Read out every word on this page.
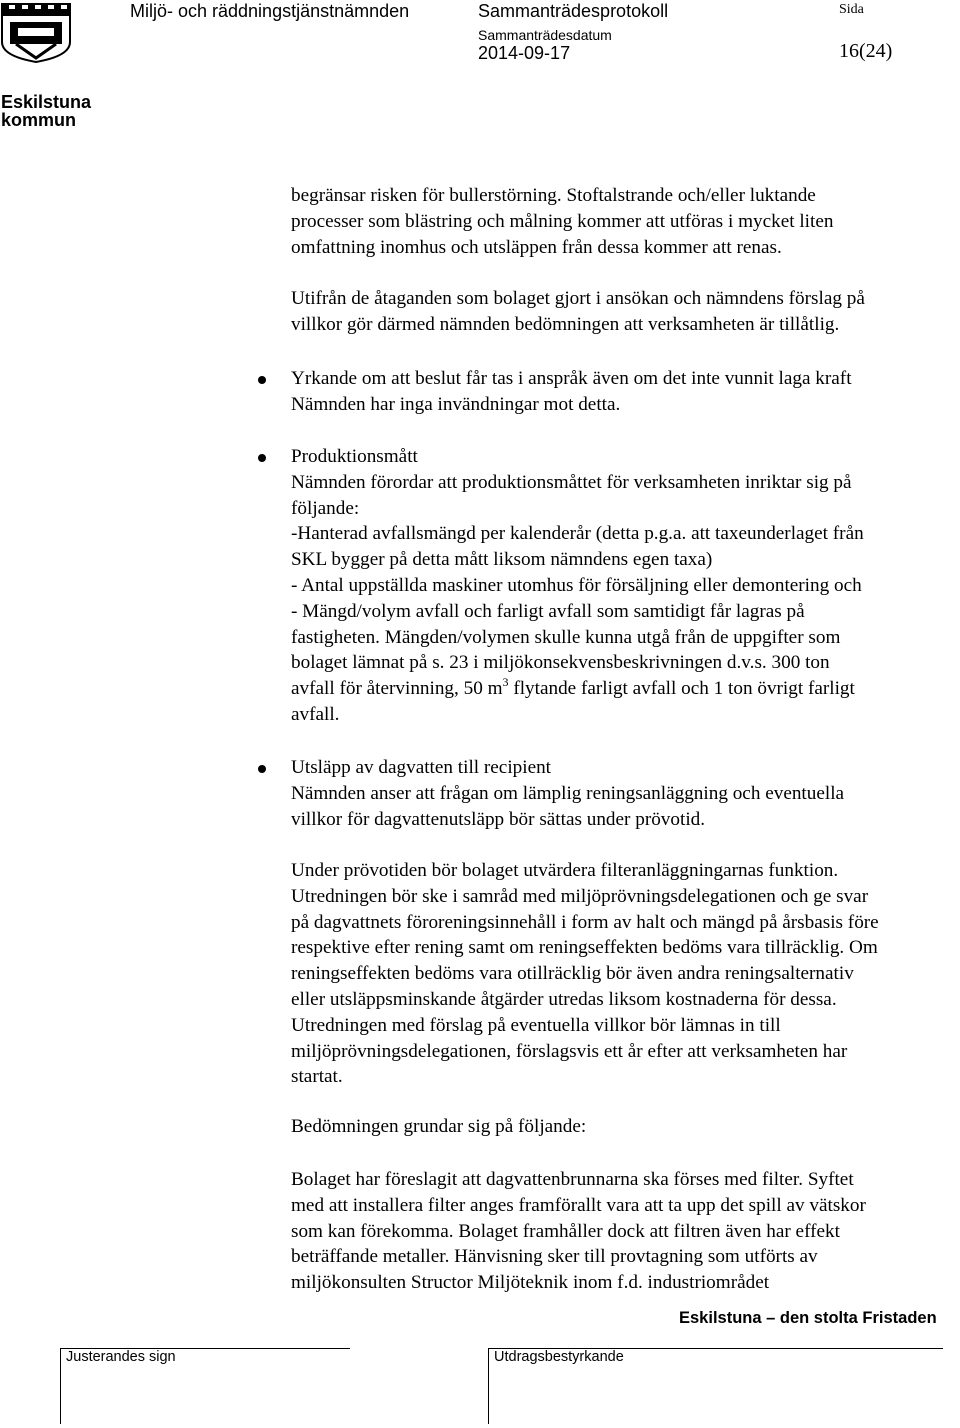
Eskilstuna
kommun
Miljö- och räddningstjänstnämnden	Sammanträdesprotokoll	Sida
Sammanträdesdatum
2014-09-17	16(24)
begränsar risken för bullerstörning. Stoftalstrande och/eller luktande
processer som blästring och målning kommer att utföras i mycket liten
omfattning inomhus och utsläppen från dessa kommer att renas.
Utifrån de åtaganden som bolaget gjort i ansökan och nämndens förslag på
villkor gör därmed nämnden bedömningen att verksamheten är tillåtlig.
Yrkande om att beslut får tas i anspråk även om det inte vunnit laga kraft
Nämnden har inga invändningar mot detta.
Produktionsmått
Nämnden förordar att produktionsmåttet för verksamheten inriktar sig på
följande:
-Hanterad avfallsmängd per kalenderår (detta p.g.a. att taxeunderlaget från
SKL bygger på detta mått liksom nämndens egen taxa)
- Antal uppställda maskiner utomhus för försäljning eller demontering och
- Mängd/volym avfall och farligt avfall som samtidigt får lagras på
fastigheten. Mängden/volymen skulle kunna utgå från de uppgifter som
bolaget lämnat på s. 23 i miljökonsekvensbeskrivningen d.v.s. 300 ton
avfall för återvinning, 50 $m^3$ flytande farligt avfall och 1 ton övrigt farligt
avfall.
Utsläpp av dagvatten till recipient
Nämnden anser att frågan om lämplig reningsanläggning och eventuella
villkor för dagvattenutsläpp bör sättas under prövotid.
Under prövotiden bör bolaget utvärdera filteranläggningarnas funktion.
Utredningen bör ske i samråd med miljöprövningsdelegationen och ge svar
på dagvattnets föroreningsinnehåll i form av halt och mängd på årsbasis före
respektive efter rening samt om reningseffekten bedöms vara tillräcklig. Om
reningseffekten bedöms vara otillräcklig bör även andra reningsalternativ
eller utsläppsminskande åtgärder utredas liksom kostnaderna för dessa.
Utredningen med förslag på eventuella villkor bör lämnas in till
miljöprövningsdelegationen, förslagsvis ett år efter att verksamheten har
startat.
Bedömningen grundar sig på följande:
Bolaget har föreslagit att dagvattenbrunnarna ska förses med filter. Syftet
med att installera filter anges framförallt vara att ta upp det spill av vätskor
som kan förekomma. Bolaget framhåller dock att filtren även har effekt
beträffande metaller. Hänvisning sker till provtagning som utförts av
miljökonsulten Structor Miljöteknik inom f.d. industriområdet
Eskilstuna – den stolta Fristaden
Justerandes sign	Utdragsbestyrkande
